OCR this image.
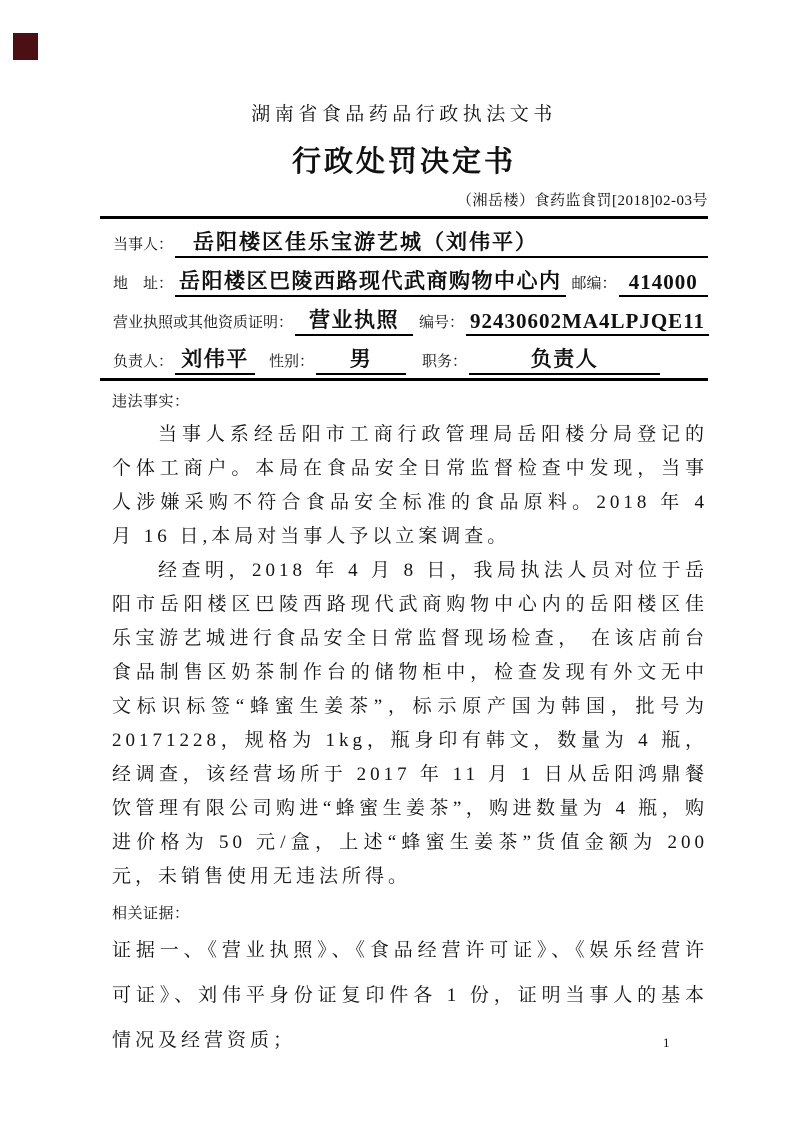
湖南省食品药品行政执法文书
行政处罚决定书
（湘岳楼）食药监食罚[2018]02-03号
当事人： 岳阳楼区佳乐宝游艺城（刘伟平）
地　址： 岳阳楼区巴陵西路现代武商购物中心内 邮编： 414000
营业执照或其他资质证明： 营业执照	编号： 92430602MA4LPJQE11
负责人： 刘伟平	性别：	男	职务：	负责人
违法事实：

当事人系经岳阳市工商行政管理局岳阳楼分局登记的个体工商户。本局在食品安全日常监督检查中发现，当事人涉嫌采购不符合食品安全标准的食品原料。2018 年 4 月 16 日,本局对当事人予以立案调查。

经查明，2018 年 4 月 8 日，我局执法人员对位于岳阳市岳阳楼区巴陵西路现代武商购物中心内的岳阳楼区佳乐宝游艺城进行食品安全日常监督现场检查， 在该店前台食品制售区奶茶制作台的储物柜中，检查发现有外文无中文标识标签“蜂蜜生姜茶”，标示原产国为韩国，批号为 20171228，规格为 1kg，瓶身印有韩文，数量为 4 瓶，经调查，该经营场所于 2017 年 11 月 1 日从岳阳鸿鼎餐饮管理有限公司购进“蜂蜜生姜茶”，购进数量为 4 瓶，购进价格为 50 元/盒，上述“蜂蜜生姜茶”货值金额为 200 元，未销售使用无违法所得。

相关证据：

证据一、《营业执照》、《食品经营许可证》、《娱乐经营许可证》、刘伟平身份证复印件各 1 份，证明当事人的基本情况及经营资质；	1
